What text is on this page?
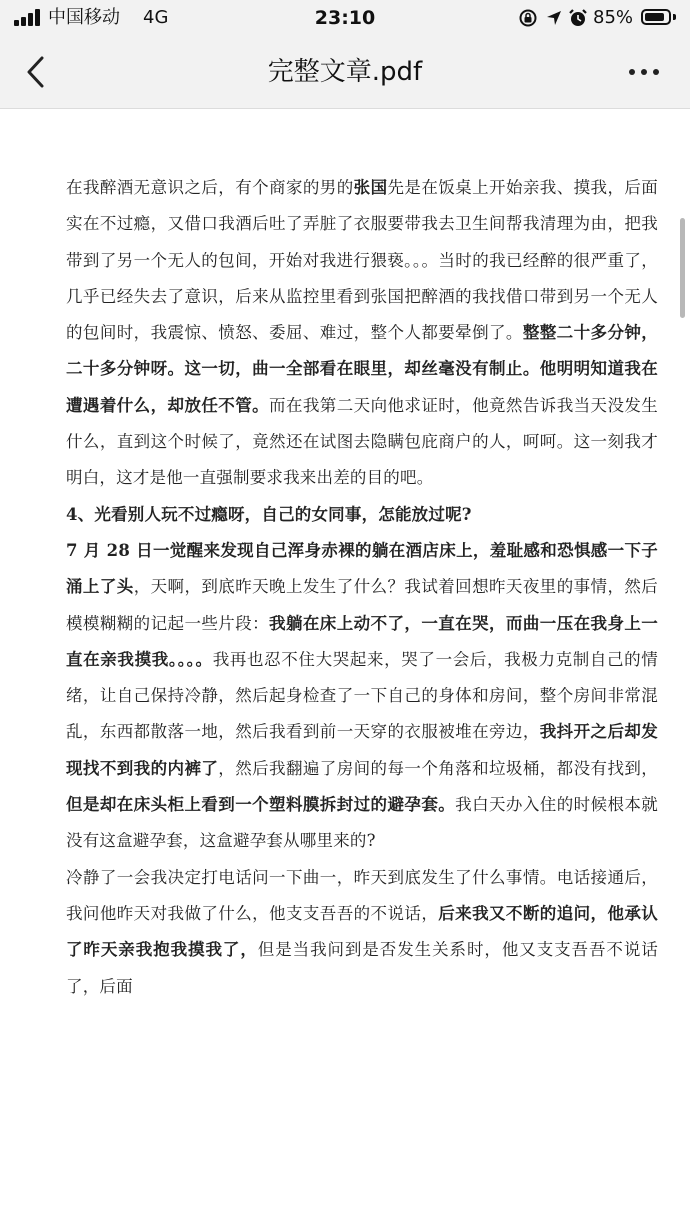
中国移动 4G	23:10	85%
完整文章.pdf

在我醉酒无意识之后，有个商家的男的张国先是在饭桌上开始亲我、摸我，后面实在不过瘾，又借口我酒后吐了弄脏了衣服要带我去卫生间帮我清理为由，把我带到了另一个无人的包间，开始对我进行猥亵。。。当时的我已经醉的很严重了，几乎已经失去了意识，后来从监控里看到张国把醉酒的我找借口带到另一个无人的包间时，我震惊、愤怒、委屈、难过，整个人都要晕倒了。整整二十多分钟，二十多分钟呀。这一切，曲一全部看在眼里，却丝毫没有制止。他明明知道我在遭遇着什么，却放任不管。而在我第二天向他求证时，他竟然告诉我当天没发生什么，直到这个时候了，竟然还在试图去隐瞒包庇商户的人，呵呵。这一刻我才明白，这才是他一直强制要求我来出差的目的吧。

4、光看别人玩不过瘾呀，自己的女同事，怎能放过呢?

7 月 28 日一觉醒来发现自己浑身赤裸的躺在酒店床上，羞耻感和恐惧感一下子涌上了头，天啊，到底昨天晚上发生了什么？我试着回想昨天夜里的事情，然后模模糊糊的记起一些片段：我躺在床上动不了，一直在哭，而曲一压在我身上一直在亲我摸我。。。。我再也忍不住大哭起来，哭了一会后，我极力克制自己的情绪，让自己保持冷静，然后起身检查了一下自己的身体和房间，整个房间非常混乱，东西都散落一地，然后我看到前一天穿的衣服被堆在旁边，我抖开之后却发现找不到我的内裤了，然后我翻遍了房间的每一个角落和垃圾桶，都没有找到，但是却在床头柜上看到一个塑料膜拆封过的避孕套。我白天办入住的时候根本就没有这盒避孕套，这盒避孕套从哪里来的?

冷静了一会我决定打电话问一下曲一，昨天到底发生了什么事情。电话接通后，我问他昨天对我做了什么，他支支吾吾的不说话，后来我又不断的追问，他承认了昨天亲我抱我摸我了，但是当我问到是否发生关系时，他又支支吾吾不说话了，后面
